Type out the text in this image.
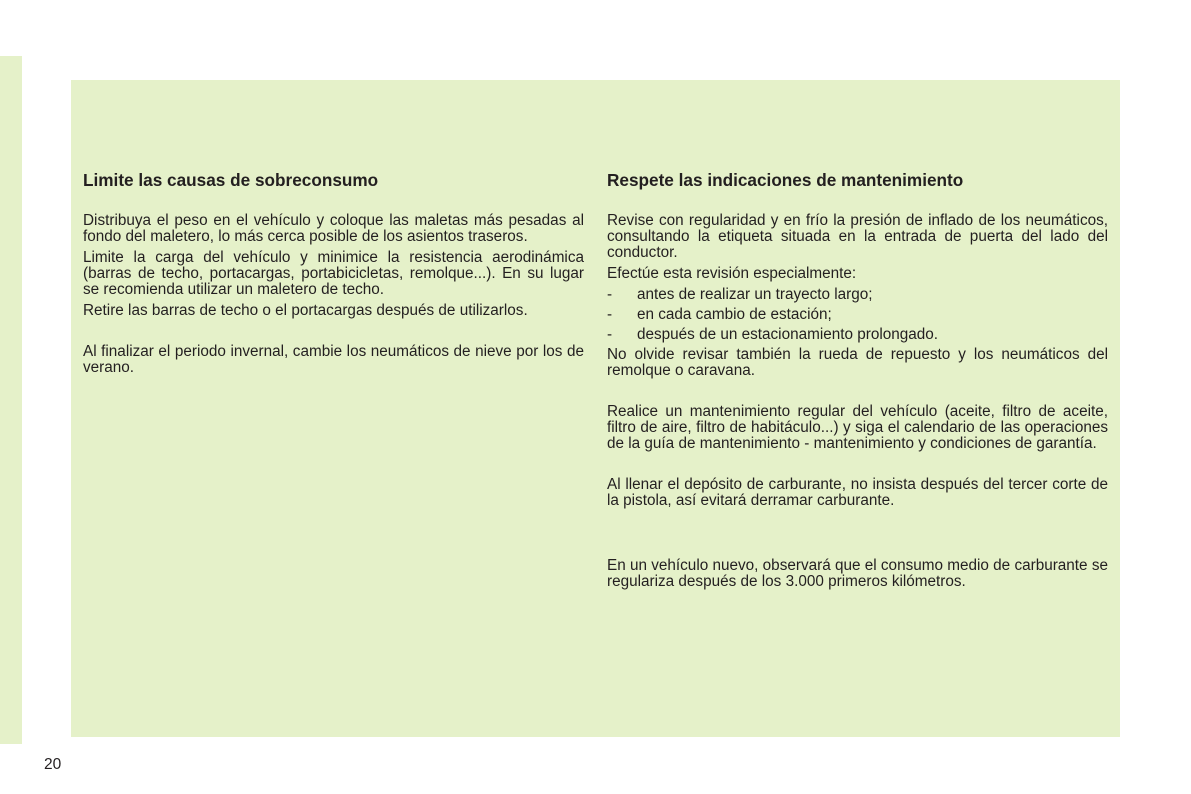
Limite las causas de sobreconsumo

Distribuya el peso en el vehículo y coloque las maletas más pesadas al fondo del maletero, lo más cerca posible de los asientos traseros.

Limite la carga del vehículo y minimice la resistencia aerodinámica (barras de techo, portacargas, portabicicletas, remolque...). En su lugar se recomienda utilizar un maletero de techo.

Retire las barras de techo o el portacargas después de utilizarlos.

Al finalizar el periodo invernal, cambie los neumáticos de nieve por los de verano.

Respete las indicaciones de mantenimiento

Revise con regularidad y en frío la presión de inflado de los neumáticos, consultando la etiqueta situada en la entrada de puerta del lado del conductor.

Efectúe esta revisión especialmente:

-	antes de realizar un trayecto largo;
-	en cada cambio de estación;
-	después de un estacionamiento prolongado.

No olvide revisar también la rueda de repuesto y los neumáticos del remolque o caravana.

Realice un mantenimiento regular del vehículo (aceite, filtro de aceite, filtro de aire, filtro de habitáculo...) y siga el calendario de las operaciones de la guía de mantenimiento - mantenimiento y condiciones de garantía.

Al llenar el depósito de carburante, no insista después del tercer corte de la pistola, así evitará derramar carburante.

En un vehículo nuevo, observará que el consumo medio de carburante se regulariza después de los 3.000 primeros kilómetros.

20
